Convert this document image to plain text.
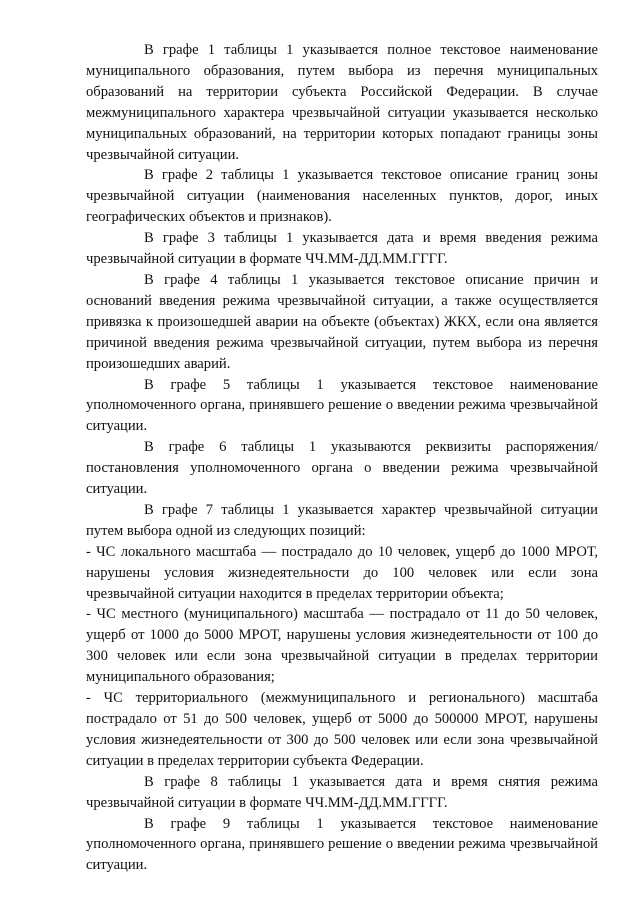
В графе 1 таблицы 1 указывается полное текстовое наименование муниципального образования, путем выбора из перечня муниципальных образований на территории субъекта Российской Федерации. В случае межмуниципального характера чрезвычайной ситуации указывается несколько муниципальных образований, на территории которых попадают границы зоны чрезвычайной ситуации.

В графе 2 таблицы 1 указывается текстовое описание границ зоны чрезвычайной ситуации (наименования населенных пунктов, дорог, иных географических объектов и признаков).

В графе 3 таблицы 1 указывается дата и время введения режима чрезвычайной ситуации в формате ЧЧ.ММ-ДД.ММ.ГГГГ.

В графе 4 таблицы 1 указывается текстовое описание причин и оснований введения режима чрезвычайной ситуации, а также осуществляется привязка к произошедшей аварии на объекте (объектах) ЖКХ, если она является причиной введения режима чрезвычайной ситуации, путем выбора из перечня произошедших аварий.

В графе 5 таблицы 1 указывается текстовое наименование уполномоченного органа, принявшего решение о введении режима чрезвычайной ситуации.

В графе 6 таблицы 1 указываются реквизиты распоряжения/постановления уполномоченного органа о введении режима чрезвычайной ситуации.

В графе 7 таблицы 1 указывается характер чрезвычайной ситуации путем выбора одной из следующих позиций:

- ЧС локального масштаба — пострадало до 10 человек, ущерб до 1000 МРОТ, нарушены условия жизнедеятельности до 100 человек или если зона чрезвычайной ситуации находится в пределах территории объекта;

- ЧС местного (муниципального) масштаба — пострадало от 11 до 50 человек, ущерб от 1000 до 5000 МРОТ, нарушены условия жизнедеятельности от 100 до 300 человек или если зона чрезвычайной ситуации в пределах территории муниципального образования;

- ЧС территориального (межмуниципального и регионального) масштаба пострадало от 51 до 500 человек, ущерб от 5000 до 500000 МРОТ, нарушены условия жизнедеятельности от 300 до 500 человек или если зона чрезвычайной ситуации в пределах территории субъекта Федерации.

В графе 8 таблицы 1 указывается дата и время снятия режима чрезвычайной ситуации в формате ЧЧ.ММ-ДД.ММ.ГГГГ.

В графе 9 таблицы 1 указывается текстовое наименование уполномоченного органа, принявшего решение о введении режима чрезвычайной ситуации.
